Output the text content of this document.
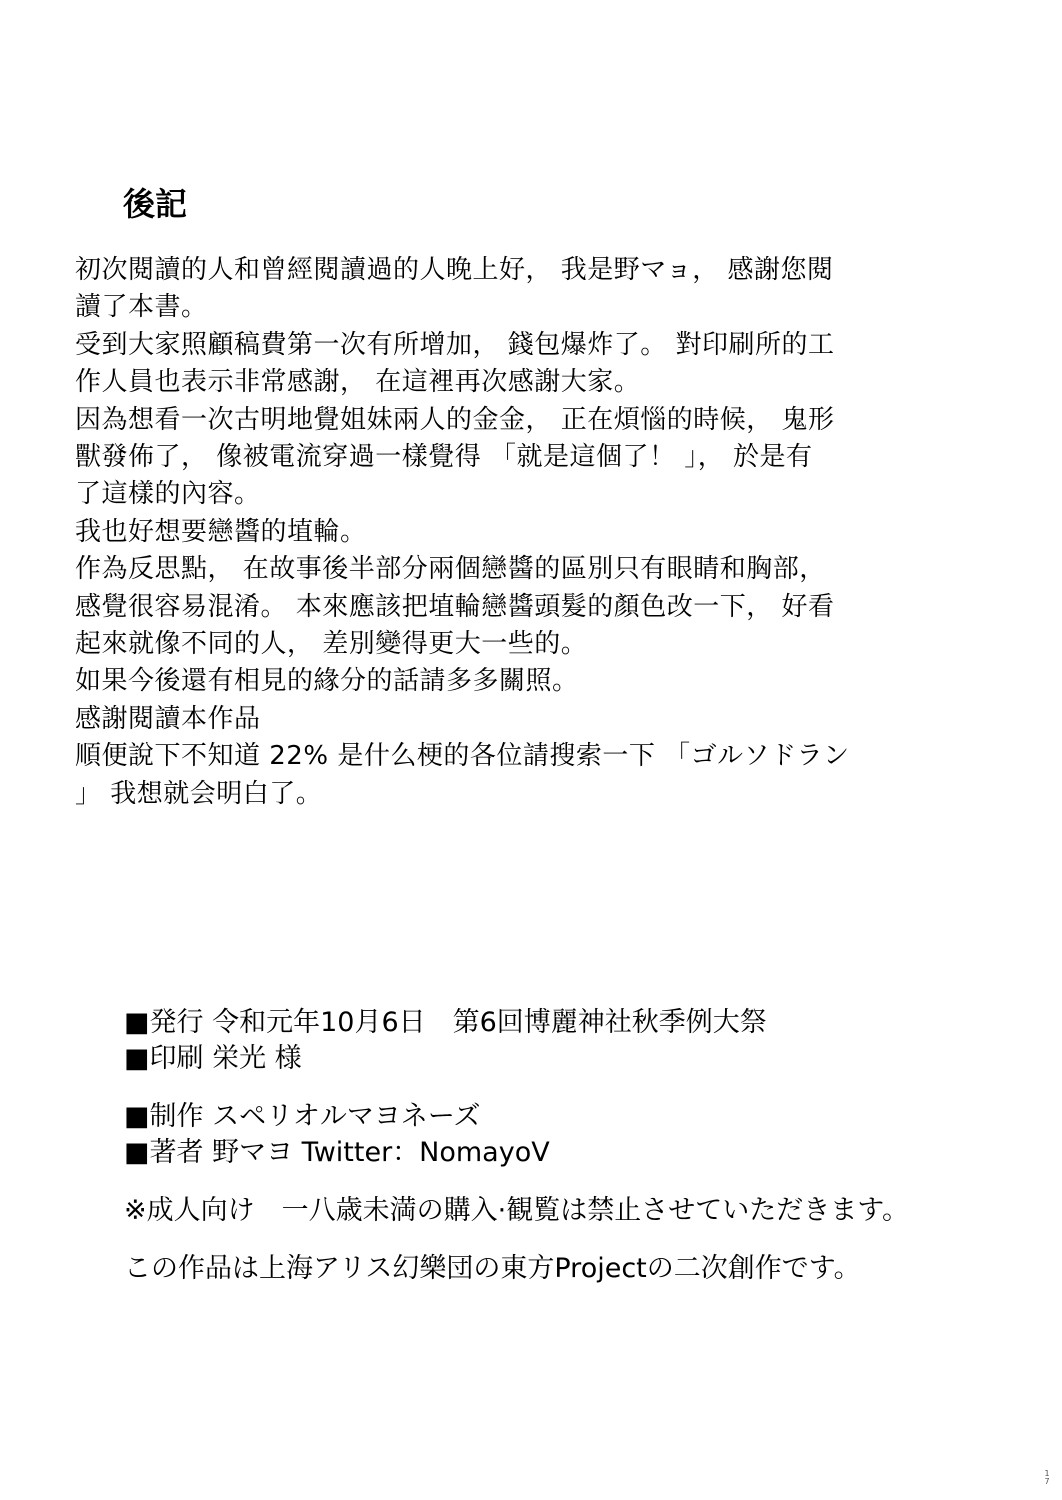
後記
初次閱讀的人和曾經閱讀過的人晚上好， 我是野マョ， 感謝您閱
讀了本書。
受到大家照顧稿費第一次有所增加， 錢包爆炸了。 對印刷所的工
作人員也表示非常感謝， 在這裡再次感謝大家。
因為想看一次古明地覺姐妹兩人的金金， 正在煩惱的時候， 鬼形
獸發佈了， 像被電流穿過一樣覺得 「就是這個了！ 」， 於是有
了這樣的內容。
我也好想要戀醬的埴輪。
作為反思點， 在故事後半部分兩個戀醬的區別只有眼睛和胸部，
感覺很容易混淆。 本來應該把埴輪戀醬頭髮的顏色改一下， 好看
起來就像不同的人， 差別變得更大一些的。
如果今後還有相見的緣分的話請多多關照。
感謝閱讀本作品
順便說下不知道 22% 是什么梗的各位請搜索一下 「ゴルソドラン
」 我想就会明白了。
■発行 令和元年10月6日　第6回博麗神社秋季例大祭
■印刷 栄光 様
■制作 スペリオルマヨネーズ
■著者 野マヨ Twitter：NomayoV
※成人向け　一八歳未満の購入·観覧は禁止させていただきます。
この作品は上海アリス幻樂団の東方Projectの二次創作です。
1
7
